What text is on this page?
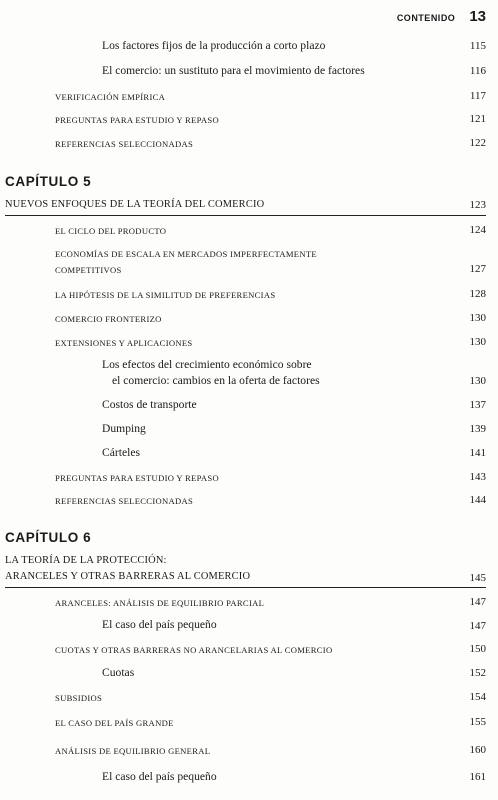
CONTENIDO 13
Los factores fijos de la producción a corto plazo	115
El comercio: un sustituto para el movimiento de factores	116
VERIFICACIÓN EMPÍRICA	117
PREGUNTAS PARA ESTUDIO Y REPASO	121
REFERENCIAS SELECCIONADAS	122
CAPÍTULO 5
NUEVOS ENFOQUES DE LA TEORÍA DEL COMERCIO	123
EL CICLO DEL PRODUCTO	124
ECONOMÍAS DE ESCALA EN MERCADOS IMPERFECTAMENTE
COMPETITIVOS	127
LA HIPÓTESIS DE LA SIMILITUD DE PREFERENCIAS	128
COMERCIO FRONTERIZO	130
EXTENSIONES Y APLICACIONES	130
Los efectos del crecimiento económico sobre
el comercio: cambios en la oferta de factores	130
Costos de transporte	137
Dumping	139
Cárteles	141
PREGUNTAS PARA ESTUDIO Y REPASO	143
REFERENCIAS SELECCIONADAS	144
CAPÍTULO 6
LA TEORÍA DE LA PROTECCIÓN:
ARANCELES Y OTRAS BARRERAS AL COMERCIO	145
ARANCELES: ANÁLISIS DE EQUILIBRIO PARCIAL	147
El caso del país pequeño	147
CUOTAS Y OTRAS BARRERAS NO ARANCELARIAS AL COMERCIO	150
Cuotas	152
SUBSIDIOS	154
EL CASO DEL PAÍS GRANDE	155
ANÁLISIS DE EQUILIBRIO GENERAL	160
El caso del país pequeño	161
